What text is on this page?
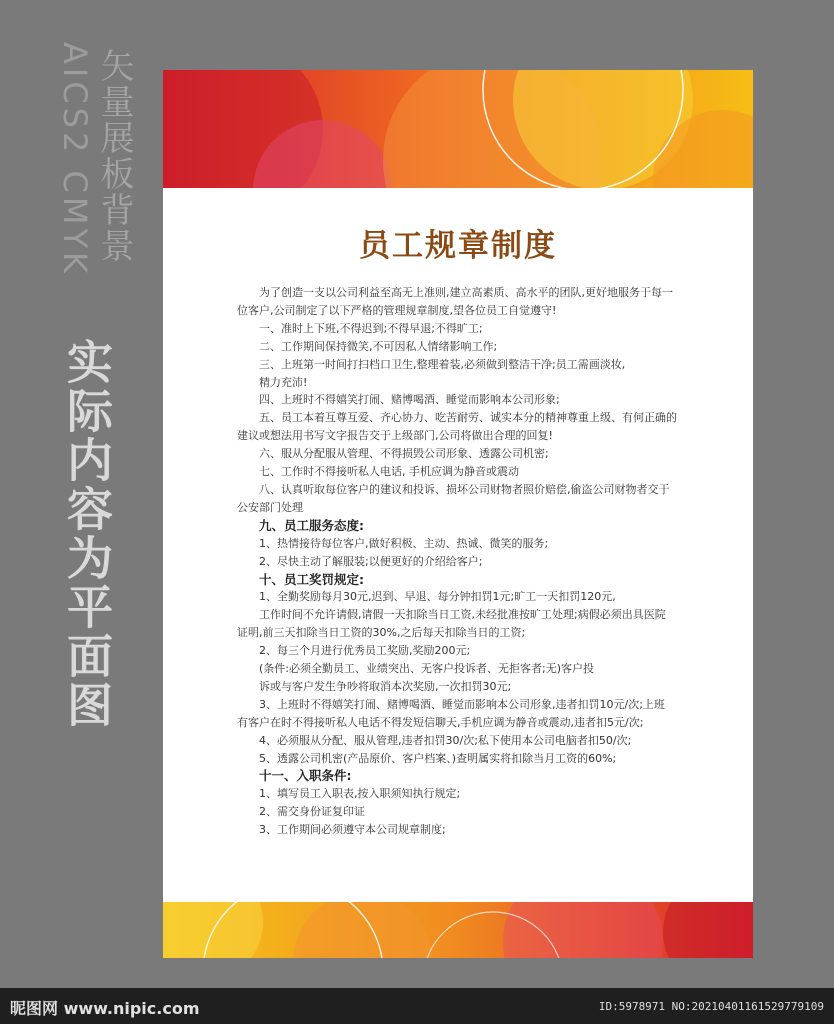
AICS2 CMYK 矢量展板背景
实际内容为平面图
员工规章制度
为了创造一支以公司利益至高无上准则,建立高素质、高水平的团队,更好地服务于每一
位客户,公司制定了以下严格的管理规章制度,望各位员工自觉遵守!
一、准时上下班,不得迟到;不得早退;不得旷工;
二、工作期间保持微笑,不可因私人情绪影响工作;
三、上班第一时间打扫档口卫生,整理着装,必须做到整洁干净;员工需画淡妆,
精力充沛!
四、上班时不得嬉笑打闹、赌博喝酒、睡觉而影响本公司形象;
五、员工本着互尊互爱、齐心协力、吃苦耐劳、诚实本分的精神尊重上级、有何正确的
建议或想法用书写文字报告交于上级部门,公司将做出合理的回复!
六、服从分配服从管理、不得损毁公司形象、透露公司机密;
七、工作时不得接听私人电话, 手机应调为静音或震动
八、认真听取每位客户的建议和投诉、损坏公司财物者照价赔偿,偷盗公司财物者交于
公安部门处理
九、员工服务态度:
1、热情接待每位客户,做好积极、主动、热诚、微笑的服务;
2、尽快主动了解服装;以便更好的介绍给客户;
十、员工奖罚规定:
1、全勤奖励每月30元,迟到、早退、每分钟扣罚1元;旷工一天扣罚120元,
工作时间不允许请假,请假一天扣除当日工资,未经批准按旷工处理;病假必须出具医院
证明,前三天扣除当日工资的30%,之后每天扣除当日的工资;
2、每三个月进行优秀员工奖励,奖励200元;
(条件:必须全勤员工、业绩突出、无客户投诉者、无拒客者;无)客户投
诉或与客户发生争吵将取消本次奖励,一次扣罚30元;
3、上班时不得嬉笑打闹、赌博喝酒、睡觉而影响本公司形象,违者扣罚10元/次;上班
有客户在时不得接听私人电话不得发短信聊天,手机应调为静音或震动,违者扣5元/次;
4、必须服从分配、服从管理,违者扣罚30/次;私下使用本公司电脑者扣50/次;
5、透露公司机密(产品原价、客户档案、)查明属实将扣除当月工资的60%;
十一、入职条件:
1、填写员工入职表,按入职须知执行规定;
2、需交身份证复印证
3、工作期间必须遵守本公司规章制度;
昵图网 www.nipic.com	ID:5978971 NO:20210401161529779109
